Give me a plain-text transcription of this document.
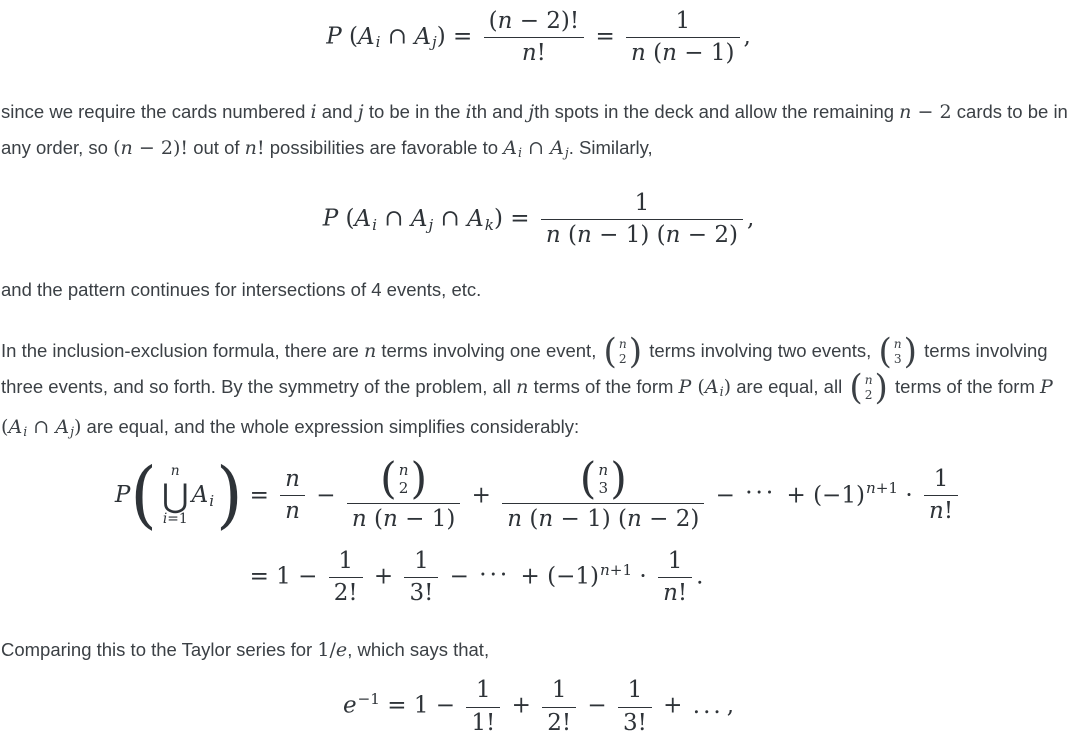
P (Ai ∩ $Aj) = \frac{(n - 2)!}{n!} = \frac{1}{n (n - 1)}$ ,

since we require the cards numbered i and j to be in the ith and jth spots in the deck and allow the remaining n − 2 cards to be in any order, so (n − 2)! out of n! possibilities are favorable to Ai ∩ Aj. Similarly,

P (Ai ∩ Aj ∩ $Ak) = \frac{1}{n (n - 1) (n - 2)}$ ,

and the pattern continues for intersections of 4 events, etc.

In the inclusion-exclusion formula, there are n terms involving one event, ( n
2 ) terms involving two events, ( n
3 ) terms involving three events, and so forth. By the symmetry of the problem, all n terms of the form P (Ai) are equal, all ( n
2 ) terms of the form P (Ai ∩ Aj) are equal, and the whole expression simplifies considerably:

P ( n
⋃
i=1
Ai ) = $\frac{n}{n}$ − ( n
2 )
n (n − 1) + ( n
3 )
n (n − 1) (n − 2) − ··· + $(-1)^{n+1} \cdot \frac{1}{n!}$
= $1 - \frac{1}{2!} + \frac{1}{3!}$ − ··· + $(-1)^{n+1} \cdot \frac{1}{n!}$ .

Comparing this to the Taylor series for 1/e, which says that,

$e^{-1} = 1 - \frac{1}{1!} + \frac{1}{2!} - \frac{1}{3!}$ + ... ,
